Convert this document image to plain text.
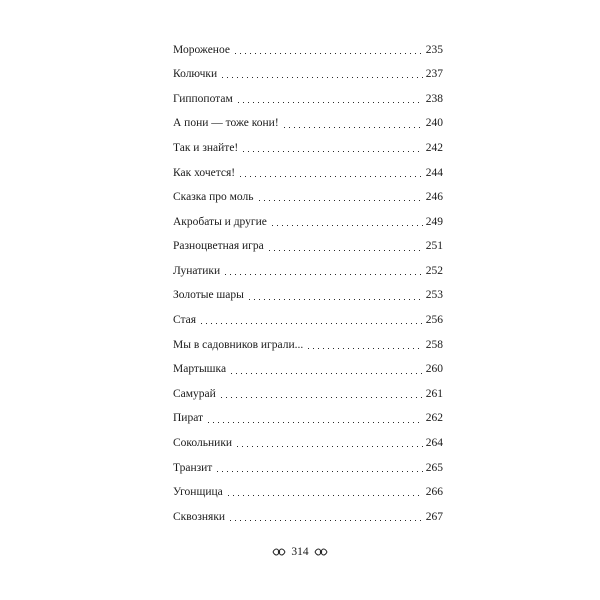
Мороженое	235
Колючки	237
Гиппопотам	238
А пони — тоже кони!	240
Так и знайте!	242
Как хочется!	244
Сказка про моль	246
Акробаты и другие	249
Разноцветная игра	251
Лунатики	252
Золотые шары	253
Стая	256
Мы в садовников играли...	258
Мартышка	260
Самурай	261
Пират	262
Сокольники	264
Транзит	265
Угонщица	266
Сквозняки	267
314
